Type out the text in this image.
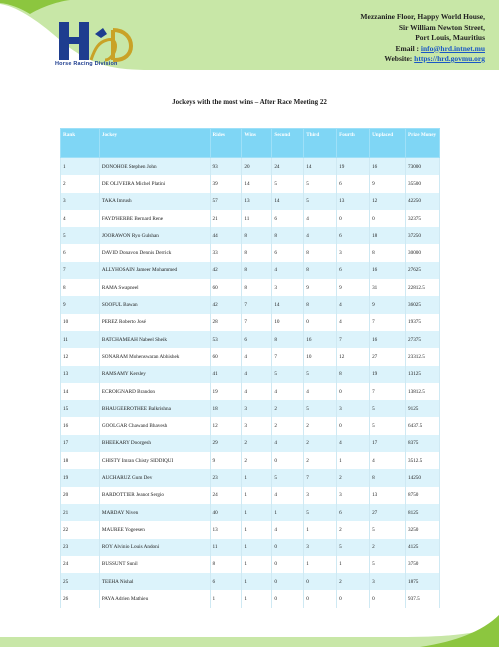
Horse Racing Division
Mezzanine Floor, Happy World House,
Sir William Newton Street,
Port Louis, Mauritius
Email : info@hrd.intnet.mu
Website: https://hrd.govmu.org
Jockeys with the most wins – After Race Meeting 22
Rank	Jockey	Rides	Wins	Second	Third	Fourth	Unplaced	Prize Money
1	DONOHOE Stephen John	93	20	24	14	19	16	73000
2	DE OLIVEIRA Michel Platini	39	14	5	5	6	9	35500
3	TAKA Imrush	57	13	14	5	13	12	42250
4	FAYD'HERBE Bernard Rene	21	11	6	4	0	0	32375
5	JOORAWON Ryo Gulshan	44	8	8	4	6	18	37250
6	DAVID Donavon Dennis Derrick	33	8	6	8	3	8	30000
7	ALLYHOSAIN Jameer Mohammed	42	8	4	8	6	16	27625
8	RAMA Swapneel	60	8	3	9	9	31	22812.5
9	SOOFUL Bawan	42	7	14	8	4	9	36025
10	PEREZ Roberto José	28	7	10	0	4	7	19375
11	BATCHAMEAH Nabeel Sheik	53	6	8	16	7	16	27375
12	SONARAM Mohenswaran Abhishek	60	4	7	10	12	27	23312.5
13	RAMSAMY Kersley	41	4	5	5	8	19	13125
14	ECROIGNARD Brandon	19	4	4	4	0	7	13812.5
15	BHAUGEEROTHEE Balkrishna	18	3	2	5	3	5	9125
16	GOOLGAR Chawand Bhavesh	12	3	2	2	0	5	6437.5
17	BHEEKARY Doorgesh	29	2	4	2	4	17	8375
18	CHISTY Imran Chisty SIDDIQUI	9	2	0	2	1	4	3512.5
19	AUCHARUZ Gum Dev	23	1	5	7	2	8	14250
20	BARDOTTIER Jeanot Sergio	24	1	4	3	3	13	8750
21	MARDAY Niven	40	1	1	5	6	27	8125
22	MAUREE Yogeesen	13	1	4	1	2	5	3250
23	ROY Alvinio Louis Andoni	11	1	0	3	5	2	4125
24	BUSSUNT Sunil	8	1	0	1	1	5	3750
25	TEEHA Nishal	6	1	0	0	2	3	1875
26	PAYA Adrien Mathieu	1	1	0	0	0	0	937.5
